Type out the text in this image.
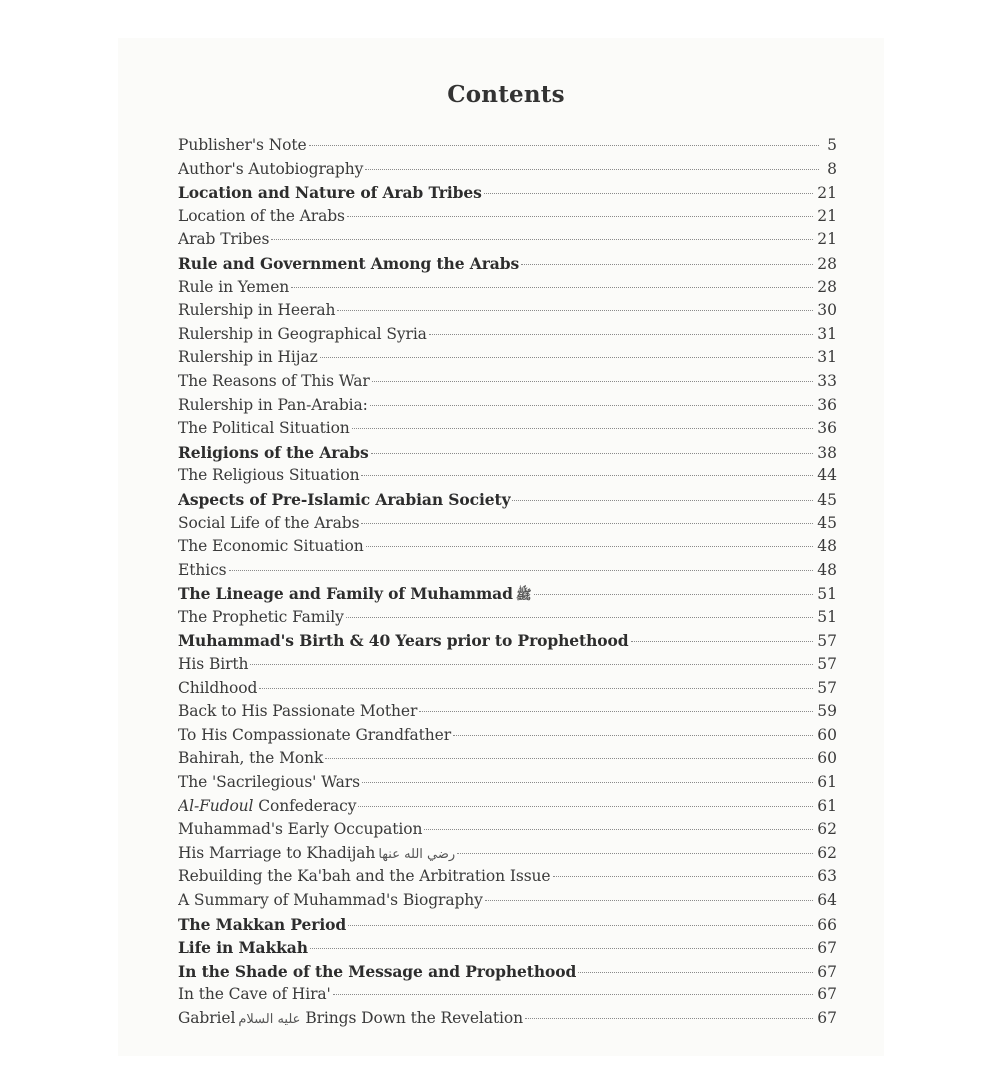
Contents
Publisher's Note	5
Author's Autobiography	8
Location and Nature of Arab Tribes	21
Location of the Arabs	21
Arab Tribes	21
Rule and Government Among the Arabs	28
Rule in Yemen	28
Rulership in Heerah	30
Rulership in Geographical Syria	31
Rulership in Hijaz	31
The Reasons of This War	33
Rulership in Pan-Arabia:	36
The Political Situation	36
Religions of the Arabs	38
The Religious Situation	44
Aspects of Pre-Islamic Arabian Society	45
Social Life of the Arabs	45
The Economic Situation	48
Ethics	48
The Lineage and Family of Muhammad ﷺ	51
The Prophetic Family	51
Muhammad's Birth & 40 Years prior to Prophethood	57
His Birth	57
Childhood	57
Back to His Passionate Mother	59
To His Compassionate Grandfather	60
Bahirah, the Monk	60
The 'Sacrilegious' Wars	61
Al-Fudoul Confederacy	61
Muhammad's Early Occupation	62
His Marriage to Khadijah رضي الله عنها	62
Rebuilding the Ka'bah and the Arbitration Issue	63
A Summary of Muhammad's Biography	64
The Makkan Period	66
Life in Makkah	67
In the Shade of the Message and Prophethood	67
In the Cave of Hira'	67
Gabriel عليه السلام Brings Down the Revelation	67
